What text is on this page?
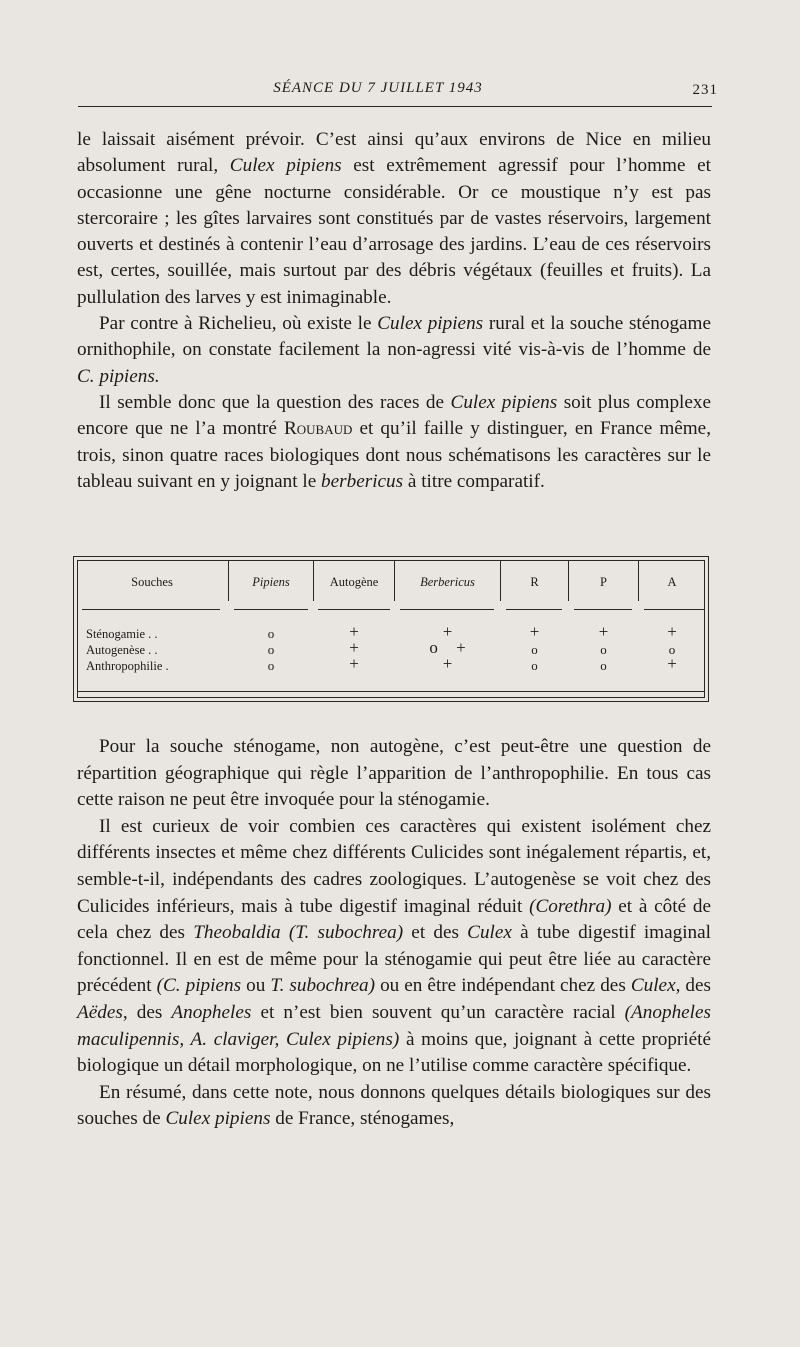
SÉANCE DU 7 JUILLET 1943	231

le laissait aisément prévoir. C’est ainsi qu’aux environs de Nice en milieu absolument rural, Culex pipiens est extrêmement agressif pour l’homme et occasionne une gêne nocturne considérable. Or ce moustique n’y est pas stercoraire ; les gîtes larvaires sont constitués par de vastes réservoirs, largement ouverts et destinés à contenir l’eau d’arrosage des jardins. L’eau de ces réservoirs est, certes, souillée, mais surtout par des débris végétaux (feuilles et fruits). La pullulation des larves y est inimaginable.

Par contre à Richelieu, où existe le Culex pipiens rural et la souche sténogame ornithophile, on constate facilement la non-agressi vité vis-à-vis de l’homme de C. pipiens.

Il semble donc que la question des races de Culex pipiens soit plus complexe encore que ne l’a montré Roubaud et qu’il faille y distinguer, en France même, trois, sinon quatre races biologiques dont nous schématisons les caractères sur le tableau suivant en y joignant le berbericus à titre comparatif.

Souches	Pipiens	Autogène	Berbericus	R	P	A
Sténogamie . .	o	+	+	+	+	+
Autogenèse . .	o	+	o +	o	o	o
Anthropophilie .	o	+	+	o	o	+

Pour la souche sténogame, non autogène, c’est peut-être une question de répartition géographique qui règle l’apparition de l’anthropophilie. En tous cas cette raison ne peut être invoquée pour la sténogamie.

Il est curieux de voir combien ces caractères qui existent isolément chez différents insectes et même chez différents Culicides sont inégalement répartis, et, semble-t-il, indépendants des cadres zoologiques. L’autogenèse se voit chez des Culicides inférieurs, mais à tube digestif imaginal réduit (Corethra) et à côté de cela chez des Theobaldia (T. subochrea) et des Culex à tube digestif imaginal fonctionnel. Il en est de même pour la sténogamie qui peut être liée au caractère précédent (C. pipiens ou T. subochrea) ou en être indépendant chez des Culex, des Aëdes, des Anopheles et n’est bien souvent qu’un caractère racial (Anopheles maculipennis, A. claviger, Culex pipiens) à moins que, joignant à cette propriété biologique un détail morphologique, on ne l’utilise comme caractère spécifique.

En résumé, dans cette note, nous donnons quelques détails biologiques sur des souches de Culex pipiens de France, sténogames,
